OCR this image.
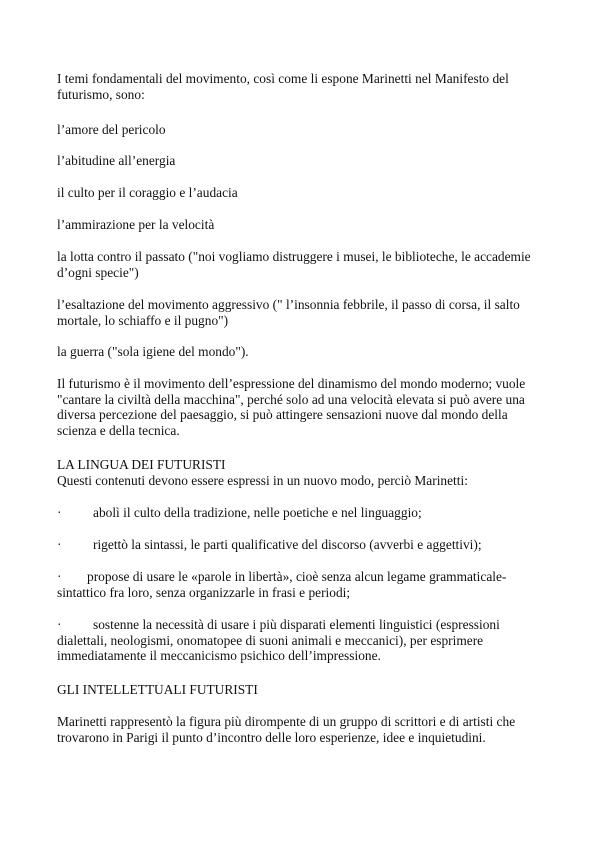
I temi fondamentali del movimento, così come li espone Marinetti nel Manifesto del futurismo, sono:

l’amore del pericolo

l’abitudine all’energia

il culto per il coraggio e l’audacia

l’ammirazione per la velocità

la lotta contro il passato ("noi vogliamo distruggere i musei, le biblioteche, le accademie d’ogni specie")

l’esaltazione del movimento aggressivo (" l’insonnia febbrile, il passo di corsa, il salto mortale, lo schiaffo e il pugno")

la guerra ("sola igiene del mondo").

Il futurismo è il movimento dell’espressione del dinamismo del mondo moderno; vuole "cantare la civiltà della macchina", perché solo ad una velocità elevata si può avere una diversa percezione del paesaggio, si può attingere sensazioni nuove dal mondo della scienza e della tecnica.

LA LINGUA DEI FUTURISTI

Questi contenuti devono essere espressi in un nuovo modo, perciò Marinetti:

· abolì il culto della tradizione, nelle poetiche e nel linguaggio;

· rigettò la sintassi, le parti qualificative del discorso (avverbi e aggettivi);

· propose di usare le «parole in libertà», cioè senza alcun legame grammaticale-sintattico fra loro, senza organizzarle in frasi e periodi;

· sostenne la necessità di usare i più disparati elementi linguistici (espressioni dialettali, neologismi, onomatopee di suoni animali e meccanici), per esprimere immediatamente il meccanicismo psichico dell’impressione.

GLI INTELLETTUALI FUTURISTI

Marinetti rappresentò la figura più dirompente di un gruppo di scrittori e di artisti che trovarono in Parigi il punto d’incontro delle loro esperienze, idee e inquietudini.
